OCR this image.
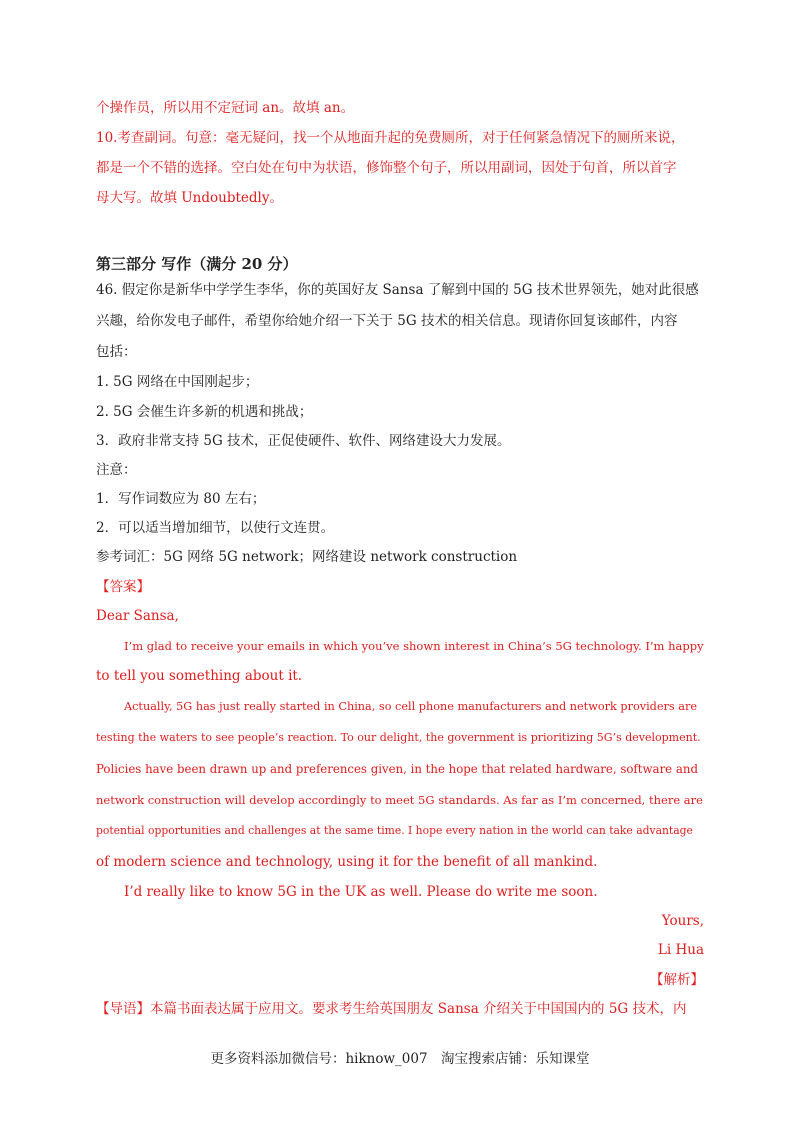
个操作员，所以用不定冠词 an。故填 an。
10.考查副词。句意：毫无疑问，找一个从地面升起的免费厕所，对于任何紧急情况下的厕所来说，
都是一个不错的选择。空白处在句中为状语，修饰整个句子，所以用副词，因处于句首，所以首字
母大写。故填 Undoubtedly。
第三部分 写作（满分 20 分）
46. 假定你是新华中学学生李华，你的英国好友 Sansa 了解到中国的 5G 技术世界领先，她对此很感
兴趣，给你发电子邮件，希望你给她介绍一下关于 5G 技术的相关信息。现请你回复该邮件，内容
包括：
1. 5G 网络在中国刚起步；
2. 5G 会催生许多新的机遇和挑战；
3．政府非常支持 5G 技术，正促使硬件、软件、网络建设大力发展。
注意：
1．写作词数应为 80 左右；
2．可以适当增加细节，以使行文连贯。
参考词汇：5G 网络 5G network；网络建设 network construction
【答案】
Dear Sansa,
I’m glad to receive your emails in which you’ve shown interest in China’s 5G technology. I’m happy
to tell you something about it.
Actually, 5G has just really started in China, so cell phone manufacturers and network providers are
testing the waters to see people’s reaction. To our delight, the government is prioritizing 5G’s development.
Policies have been drawn up and preferences given, in the hope that related hardware, software and
network construction will develop accordingly to meet 5G standards. As far as I’m concerned, there are
potential opportunities and challenges at the same time. I hope every nation in the world can take advantage
of modern science and technology, using it for the benefit of all mankind.
I’d really like to know 5G in the UK as well. Please do write me soon.
Yours,
Li Hua
【解析】
【导语】本篇书面表达属于应用文。要求考生给英国朋友 Sansa 介绍关于中国国内的 5G 技术，内
更多资料添加微信号：hiknow_007　淘宝搜索店铺：乐知课堂
